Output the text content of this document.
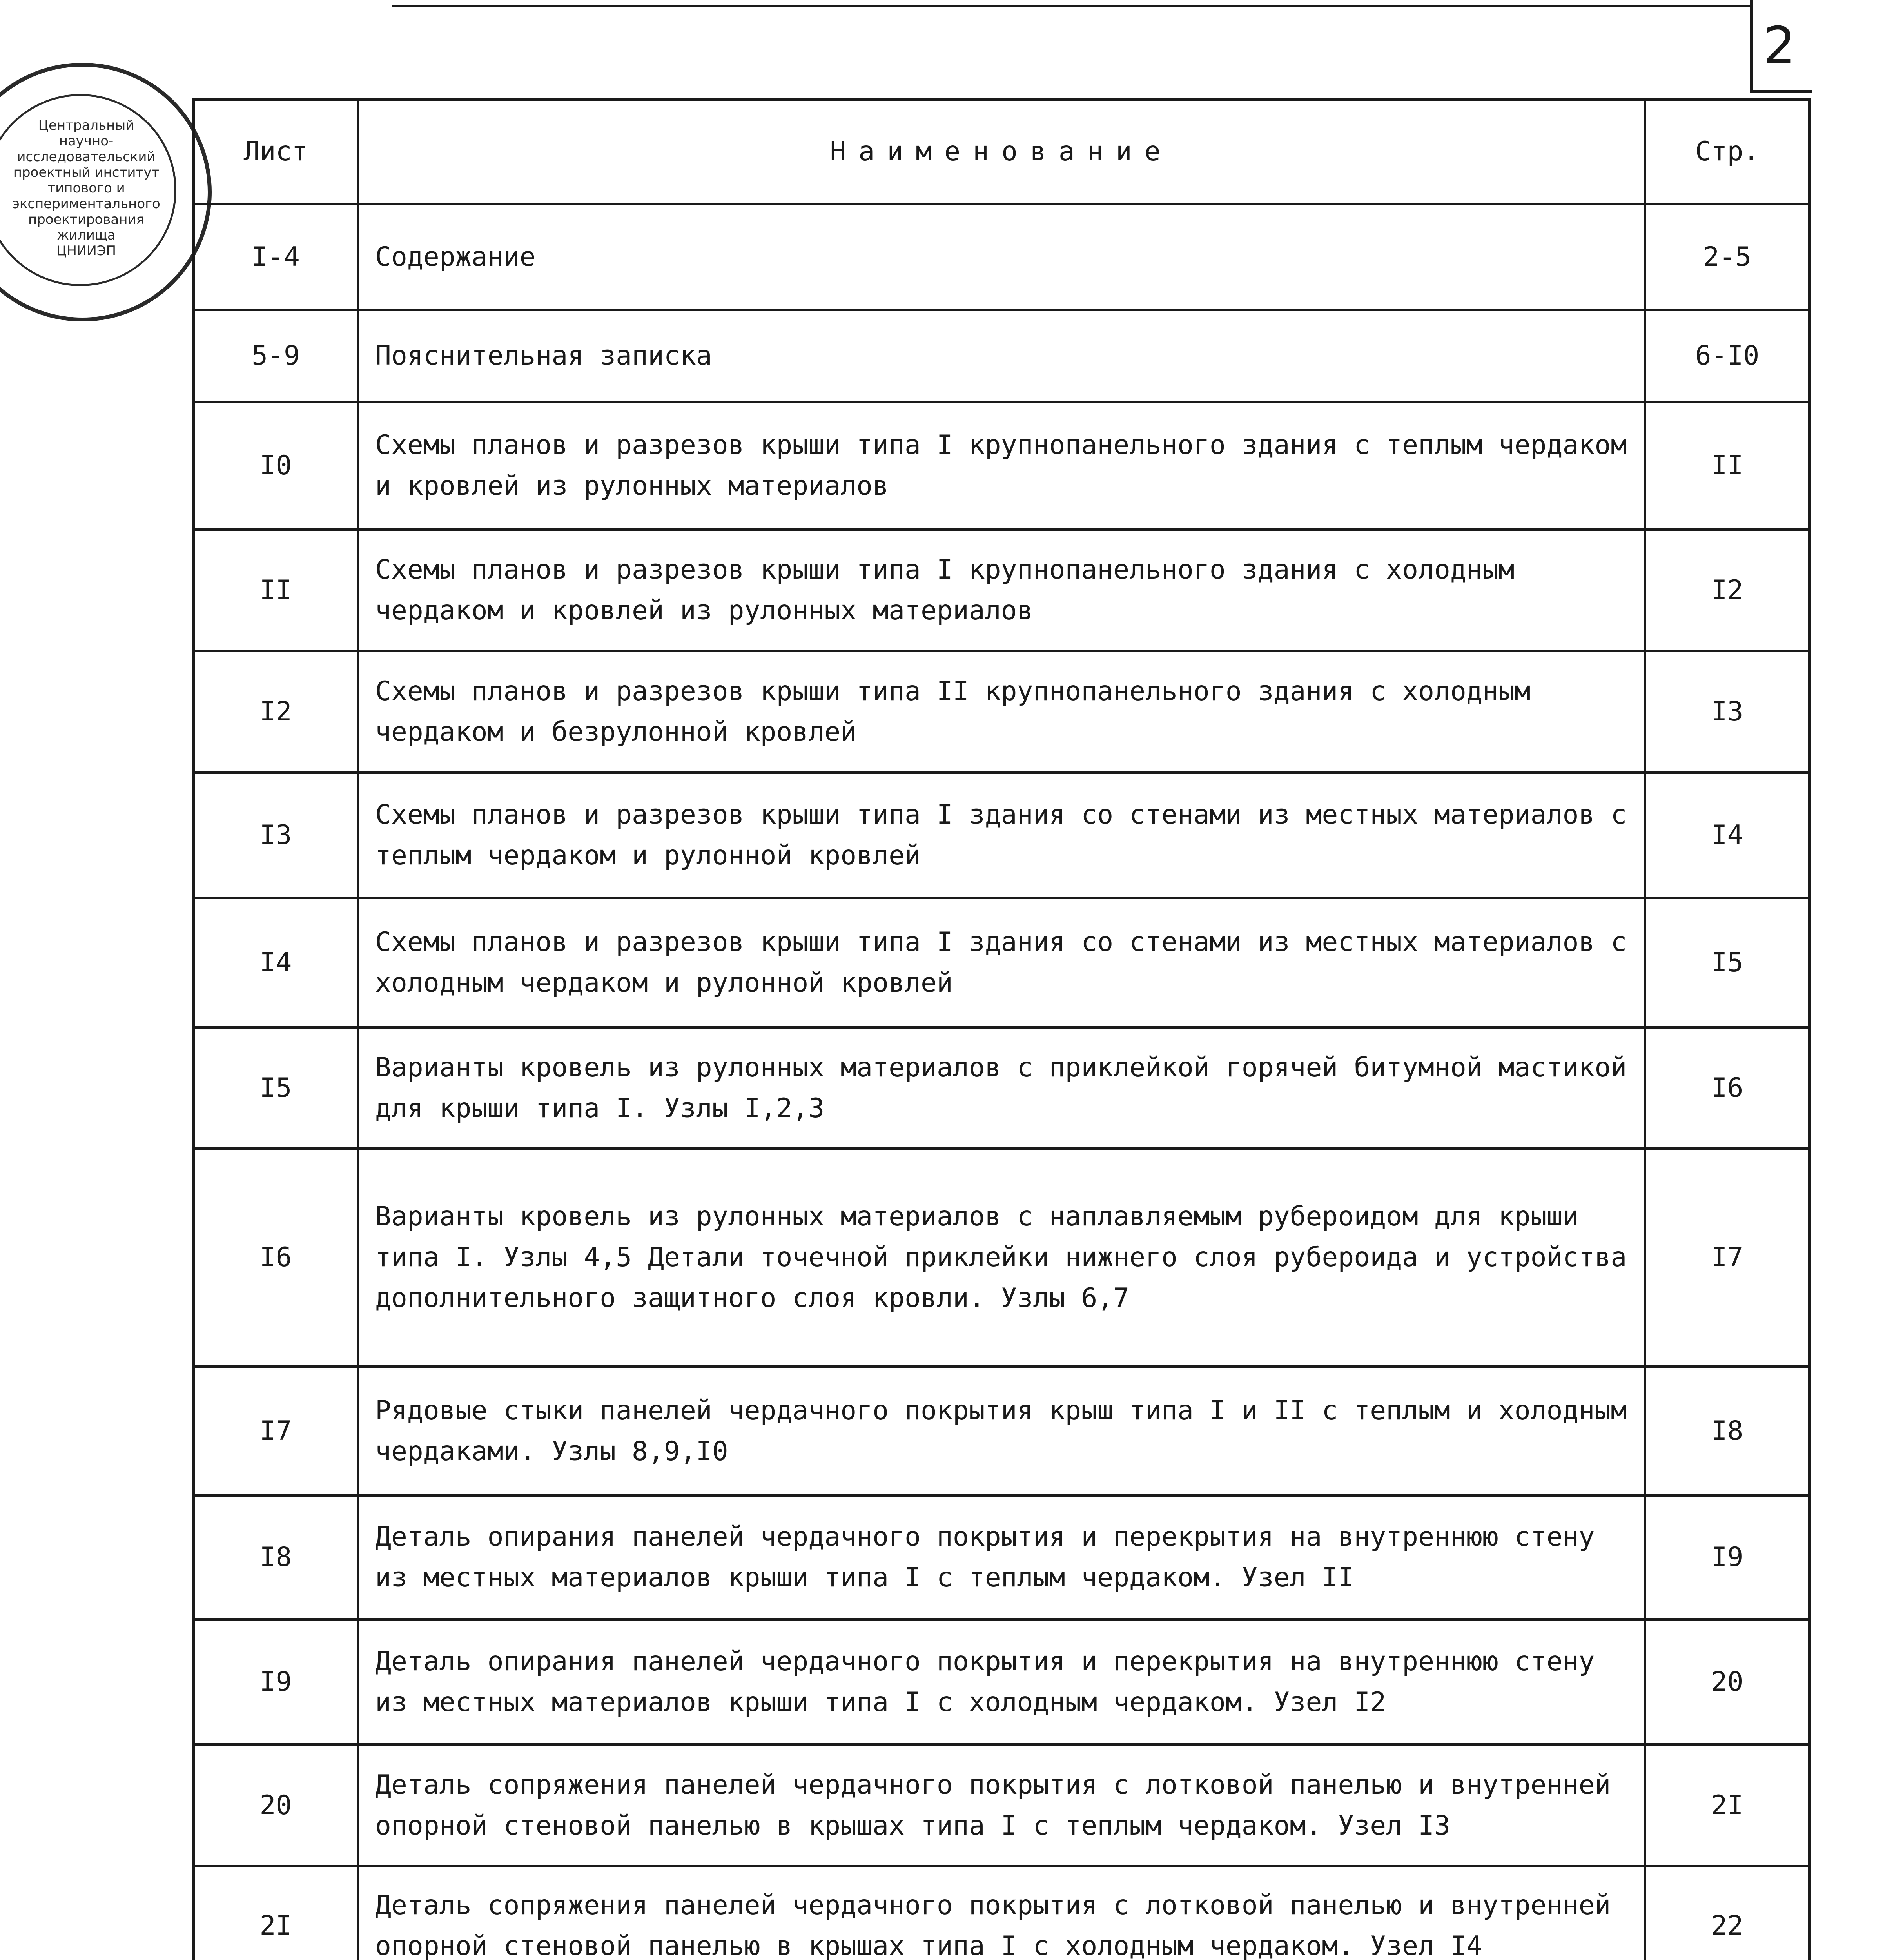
2
Центральный
научно-
исследовательский
проектный институт
типового и
экспериментального
проектирования
жилища
ЦНИИЭП
Лист	Наименование	Стр.
I-4	Содержание	2-5
5-9	Пояснительная записка	6-I0
I0	Схемы планов и разрезов крыши типа I крупнопанельного здания с теплым чердаком и кровлей из рулонных материалов	II
II	Схемы планов и разрезов крыши типа I крупнопанельного здания с холодным чердаком и кровлей из рулонных материалов	I2
I2	Схемы планов и разрезов крыши типа II крупнопанельного здания с холодным чердаком и безрулонной кровлей	I3
I3	Схемы планов и разрезов крыши типа I здания со стенами из местных материалов с теплым чердаком и рулонной кровлей	I4
I4	Схемы планов и разрезов крыши типа I здания со стенами из местных материалов с холодным чердаком и рулонной кровлей	I5
I5	Варианты кровель из рулонных материалов с приклейкой горячей битумной мастикой для крыши типа I. Узлы I,2,3	I6
I6	Варианты кровель из рулонных материалов с наплавляемым рубероидом для крыши типа I. Узлы 4,5 Детали точечной приклейки нижнего слоя рубероида и устройства дополнительного защитного слоя кровли. Узлы 6,7	I7
I7	Рядовые стыки панелей чердачного покрытия крыш типа I и II с теплым и холодным чердаками. Узлы 8,9,I0	I8
I8	Деталь опирания панелей чердачного покрытия и перекрытия на внутреннюю стену из местных материалов крыши типа I с теплым чердаком. Узел II	I9
I9	Деталь опирания панелей чердачного покрытия и перекрытия на внутреннюю стену из местных материалов крыши типа I с холодным чердаком. Узел I2	20
20	Деталь сопряжения панелей чердачного покрытия с лотковой панелью и внутренней опорной стеновой панелью в крышах типа I с теплым чердаком. Узел I3	2I
2I	Деталь сопряжения панелей чердачного покрытия с лотковой панелью и внутренней опорной стеновой панелью в крышах типа I с холодным чердаком. Узел I4	22
